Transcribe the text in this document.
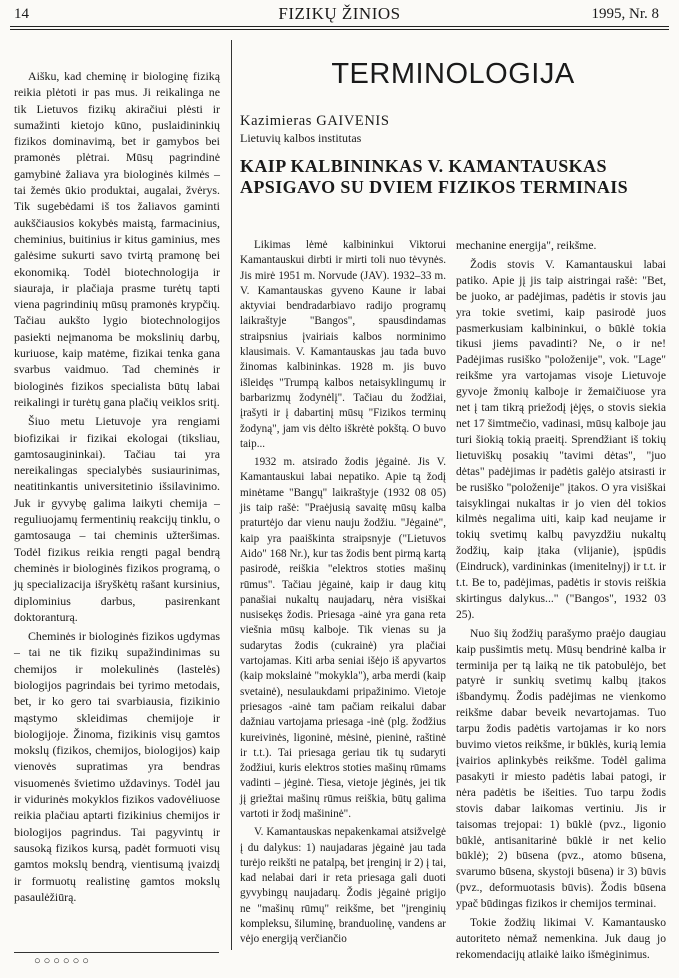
14	FIZIKŲ ŽINIOS	1995, Nr. 8

Aišku, kad cheminę ir biologinę fiziką reikia plėtoti ir pas mus. Ji reikalinga ne tik Lietuvos fizikų akiračiui plėsti ir sumažinti kietojo kūno, puslaidininkių fizikos dominavimą, bet ir gamybos bei pramonės plėtrai. Mūsų pagrindinė gamybinė žaliava yra biologinės kilmės – tai žemės ūkio produktai, augalai, žvėrys. Tik sugebėdami iš tos žaliavos gaminti aukščiausios kokybės maistą, farmacinius, cheminius, buitinius ir kitus gaminius, mes galėsime sukurti savo tvirtą pramonę bei ekonomiką. Todėl biotechnologija ir siauraja, ir plačiaja prasme turėtų tapti viena pagrindinių mūsų pramonės krypčių. Tačiau aukšto lygio biotechnologijos pasiekti neįmanoma be mokslinių darbų, kuriuose, kaip matėme, fizikai tenka gana svarbus vaidmuo. Tad cheminės ir biologinės fizikos specialista būtų labai reikalingi ir turėtų gana plačių veiklos sritį.

Šiuo metu Lietuvoje yra rengiami biofizikai ir fizikai ekologai (tiksliau, gamtosaugininkai). Tačiau tai yra nereikalingas specialybės susiaurinimas, neatitinkantis universitetinio išsilavinimo. Juk ir gyvybę galima laikyti chemija – reguliuojamų fermentinių reakcijų tinklu, o gamtosauga – tai cheminis užteršimas. Todėl fizikus reikia rengti pagal bendrą cheminės ir biologinės fizikos programą, o jų specializacija išryškėtų rašant kursinius, diplominius darbus, pasirenkant doktoranturą.

Cheminės ir biologinės fizikos ugdymas – tai ne tik fizikų supažindinimas su chemijos ir molekulinės (lastelės) biologijos pagrindais bei tyrimo metodais, bet, ir ko gero tai svarbiausia, fizikinio mąstymo skleidimas chemijoje ir biologijoje. Žinoma, fizikinis visų gamtos mokslų (fizikos, chemijos, biologijos) kaip vienovės supratimas yra bendras visuomenės švietimo uždavinys. Todėl jau ir vidurinės mokyklos fizikos vadovėliuose reikia plačiau aptarti fizikinius chemijos ir biologijos pagrindus. Tai pagyvintų ir sausoką fizikos kursą, padėt formuoti visų gamtos mokslų bendrą, vientisumą įvaizdį ir formuotų realistinę gamtos mokslų pasaulėžiūrą.

○○○○○○
TERMINOLOGIJA
Kazimieras GAIVENIS
Lietuvių kalbos institutas
KAIP KALBININKAS V. KAMANTAUSKAS APSIGAVO SU DVIEM FIZIKOS TERMINAIS

Likimas lėmė kalbininkui Viktorui Kamantauskui dirbti ir mirti toli nuo tėvynės. Jis mirė 1951 m. Norvude (JAV). 1932–33 m. V. Kamantauskas gyveno Kaune ir labai aktyviai bendradarbiavo radijo programų laikraštyje "Bangos", spausdindamas straipsnius įvairiais kalbos norminimo klausimais. V. Kamantauskas jau tada buvo žinomas kalbininkas. 1928 m. jis buvo išleidęs "Trumpą kalbos netaisyklingumų ir barbarizmų žodynėlį". Tačiau du žodžiai, įrašyti ir į dabartinį mūsų "Fizikos terminų žodyną", jam vis dėlto iškrėtė pokštą. O buvo taip...

1932 m. atsirado žodis jėgainė. Jis V. Kamantauskui labai nepatiko. Apie tą žodį minėtame "Bangų" laikraštyje (1932 08 05) jis taip rašė: "Praėjusią savaitę mūsų kalba praturtėjo dar vienu nauju žodžiu. "Jėgainė", kaip yra paaiškinta straipsnyje ("Lietuvos Aido" 168 Nr.), kur tas žodis bent pirmą kartą pasirodė, reiškia "elektros stoties mašinų rūmus". Tačiau jėgainė, kaip ir daug kitų panašiai nukaltų naujadarų, nėra visiškai nusisekęs žodis. Priesaga -ainė yra gana reta viešnia mūsų kalboje. Tik vienas su ja sudarytas žodis (cukrainė) yra plačiai vartojamas. Kiti arba seniai išėjo iš apyvartos (kaip mokslainė "mokykla"), arba merdi (kaip svetainė), nesulaukdami pripažinimo. Vietoje priesagos -ainė tam pačiam reikalui dabar dažniau vartojama priesaga -inė (plg. žodžius kureivinės, ligoninė, mėsinė, pieninė, raštinė ir t.t.). Tai priesaga geriau tik tų sudaryti žodžiui, kuris elektros stoties mašinų rūmams vadinti – jėginė. Tiesa, vietoje jėginės, jei tik jį griežtai mašinų rūmus reiškia, būtų galima vartoti ir žodį mašininė".

V. Kamantauskas nepakenkamai atsižvelgė į du dalykus: 1) naujadaras jėgainė jau tada turėjo reikšti ne patalpą, bet įrenginį ir 2) į tai, kad nelabai dari ir reta priesaga gali duoti gyvybingų naujadarų. Žodis jėgainė prigijo ne "mašinų rūmų" reikšme, bet "įrenginių kompleksu, šiluminę, branduolinę, vandens ar vėjo energiją verčiančio

mechanine energija", reikšme.

Žodis stovis V. Kamantauskui labai patiko. Apie jį jis taip aistringai rašė: "Bet, be juoko, ar padėjimas, padėtis ir stovis jau yra tokie svetimi, kaip pasirodė juos pasmerkusiam kalbininkui, o būklė tokia tikusi jiems pavadinti? Ne, o ir ne! Padėjimas rusiško "položenije", vok. "Lage" reikšme yra vartojamas visoje Lietuvoje gyvoje žmonių kalboje ir žemaičiuose yra net į tam tikrą priežodį įėjęs, o stovis siekia net 17 šimtmečio, vadinasi, mūsų kalboje jau turi šiokią tokią praeitį. Sprendžiant iš tokių lietuviškų posakių "tavimi dėtas", "juo dėtas" padėjimas ir padėtis galėjo atsirasti ir be rusiško "položenije" įtakos. O yra visiškai taisyklingai nukaltas ir jo vien dėl tokios kilmės negalima uiti, kaip kad neujame ir tokių svetimų kalbų pavyzdžiu nukaltų žodžių, kaip įtaka (vlijanie), įspūdis (Eindruck), vardininkas (imenitelnyj) ir t.t. ir t.t. Be to, padėjimas, padėtis ir stovis reiškia skirtingus dalykus..." ("Bangos", 1932 03 25).

Nuo šių žodžių parašymo praėjo daugiau kaip pusšimtis metų. Mūsų bendrinė kalba ir terminija per tą laiką ne tik patobulėjo, bet patyrė ir sunkių svetimų kalbų įtakos išbandymų. Žodis padėjimas ne vienkomo reikšme dabar beveik nevartojamas. Tuo tarpu žodis padėtis vartojamas ir ko nors buvimo vietos reikšme, ir būklės, kurią lemia įvairios aplinkybės reikšme. Todėl galima pasakyti ir miesto padėtis labai patogi, ir nėra padėtis be išeities. Tuo tarpu žodis stovis dabar laikomas vertiniu. Jis ir taisomas trejopai: 1) būklė (pvz., ligonio būklė, antisanitarinė būklė ir net kelio būklė); 2) būsena (pvz., atomo būsena, svarumo būsena, skystoji būsena) ir 3) būvis (pvz., deformuotasis būvis). Žodis būsena ypač būdingas fizikos ir chemijos terminai.

Tokie žodžių likimai V. Kamantausko autoriteto nėmaž nemenkina. Juk daug jo rekomendacijų atlaikė laiko išmėginimus.
